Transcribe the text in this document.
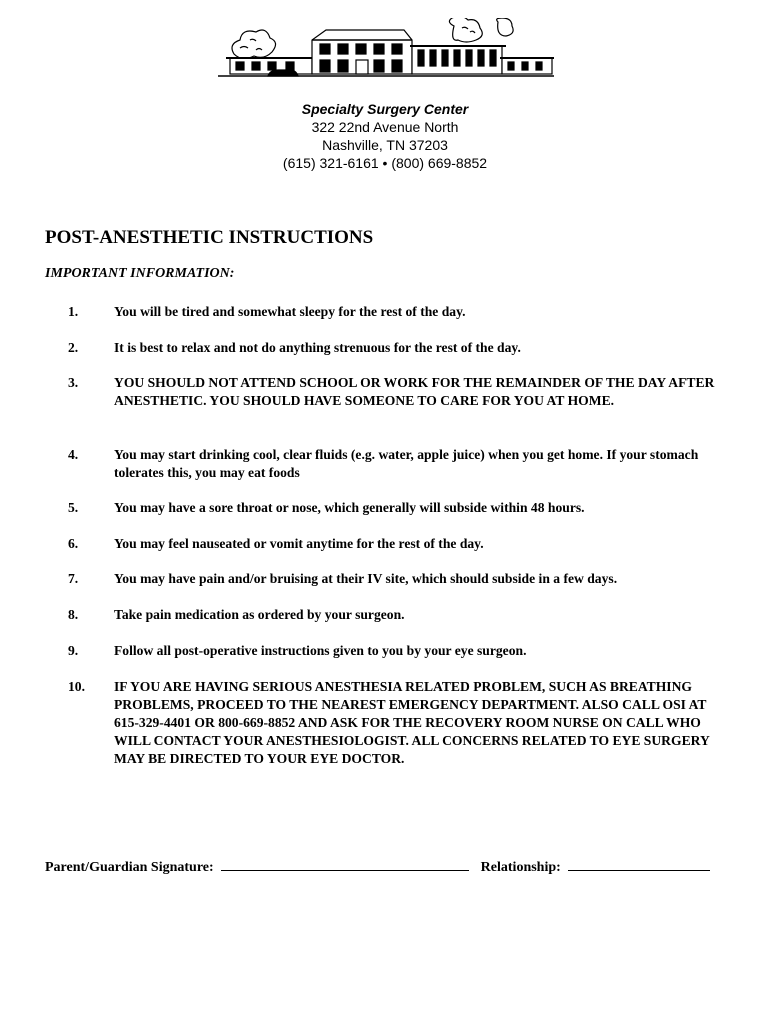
Specialty Surgery Center
322 22nd Avenue North
Nashville, TN 37203
(615) 321-6161 • (800) 669-8852
POST-ANESTHETIC INSTRUCTIONS
IMPORTANT INFORMATION:
1.	You will be tired and somewhat sleepy for the rest of the day.
2.	It is best to relax and not do anything strenuous for the rest of the day.
3.	YOU SHOULD NOT ATTEND SCHOOL OR WORK FOR THE REMAINDER OF THE DAY AFTER ANESTHETIC. YOU SHOULD HAVE SOMEONE TO CARE FOR YOU AT HOME.
4.	You may start drinking cool, clear fluids (e.g. water, apple juice) when you get home. If your stomach tolerates this, you may eat foods
5.	You may have a sore throat or nose, which generally will subside within 48 hours.
6.	You may feel nauseated or vomit anytime for the rest of the day.
7.	You may have pain and/or bruising at their IV site, which should subside in a few days.
8.	Take pain medication as ordered by your surgeon.
9.	Follow all post-operative instructions given to you by your eye surgeon.
10. IF YOU ARE HAVING SERIOUS ANESTHESIA RELATED PROBLEM, SUCH AS BREATHING PROBLEMS, PROCEED TO THE NEAREST EMERGENCY DEPARTMENT. ALSO CALL OSI AT 615-329-4401 OR 800-669-8852 AND ASK FOR THE RECOVERY ROOM NURSE ON CALL WHO WILL CONTACT YOUR ANESTHESIOLOGIST. ALL CONCERNS RELATED TO EYE SURGERY MAY BE DIRECTED TO YOUR EYE DOCTOR.
Parent/Guardian Signature:	Relationship:
